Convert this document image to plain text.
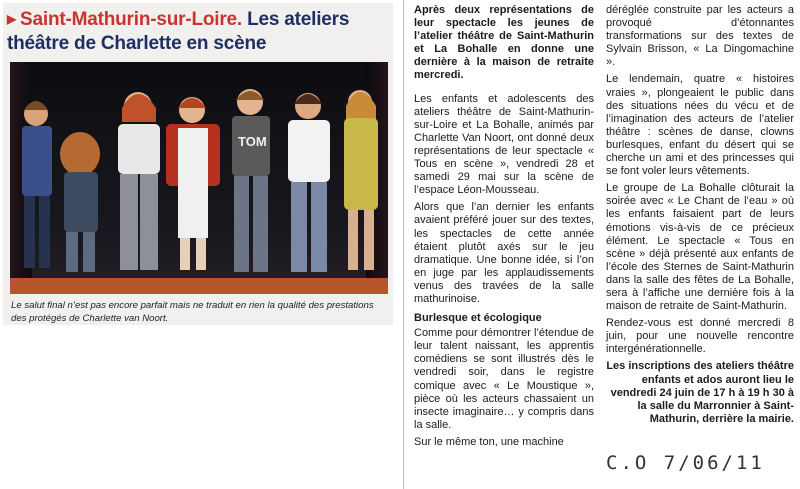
▶ Saint-Mathurin-sur-Loire. Les ateliers théâtre de Charlette en scène
TOM
Le salut final n’est pas encore parfait mais ne traduit en rien la qualité des prestations des protégés de Charlette van Noort.

Après deux représentations de leur spectacle les jeunes de l’atelier théâtre de Saint-Mathurin et La Bohalle en donne une dernière à la maison de retraite mercredi.

Les enfants et adolescents des ateliers théâtre de Saint-Mathurin-sur-Loire et La Bohalle, animés par Charlette Van Noort, ont donné deux représentations de leur spectacle « Tous en scène », vendredi 28 et samedi 29 mai sur la scène de l’espace Léon-Mousseau.

Alors que l’an dernier les enfants avaient préféré jouer sur des textes, les spectacles de cette année étaient plutôt axés sur le jeu dramatique. Une bonne idée, si l’on en juge par les applaudissements venus des travées de la salle mathurinoise.

Burlesque et écologique

Comme pour démontrer l’étendue de leur talent naissant, les apprentis comédiens se sont illustrés dès le vendredi soir, dans le registre comique avec « Le Moustique », pièce où les acteurs chassaient un insecte imaginaire… y compris dans la salle.

Sur le même ton, une machine

déréglée construite par les acteurs a provoqué d’étonnantes transformations sur des textes de Sylvain Brisson, « La Dingomachine ».

Le lendemain, quatre « histoires vraies », plongeaient le public dans des situations nées du vécu et de l’imagination des acteurs de l’atelier théâtre : scènes de danse, clowns burlesques, enfant du désert qui se cherche un ami et des princesses qui se font voler leurs vêtements.

Le groupe de La Bohalle clôturait la soirée avec « Le Chant de l’eau » où les enfants faisaient part de leurs émotions vis-à-vis de ce précieux élément. Le spectacle « Tous en scène » déjà présenté aux enfants de l’école des Sternes de Saint-Mathurin dans la salle des fêtes de La Bohalle, sera à l’affiche une dernière fois à la maison de retraite de Saint-Mathurin.

Rendez-vous est donné mercredi 8 juin, pour une nouvelle rencontre intergénérationnelle.

Les inscriptions des ateliers théâtre enfants et ados auront lieu le vendredi 24 juin de 17 h à 19 h 30 à la salle du Marronnier à Saint-Mathurin, derrière la mairie.

C.O 7/06/11
